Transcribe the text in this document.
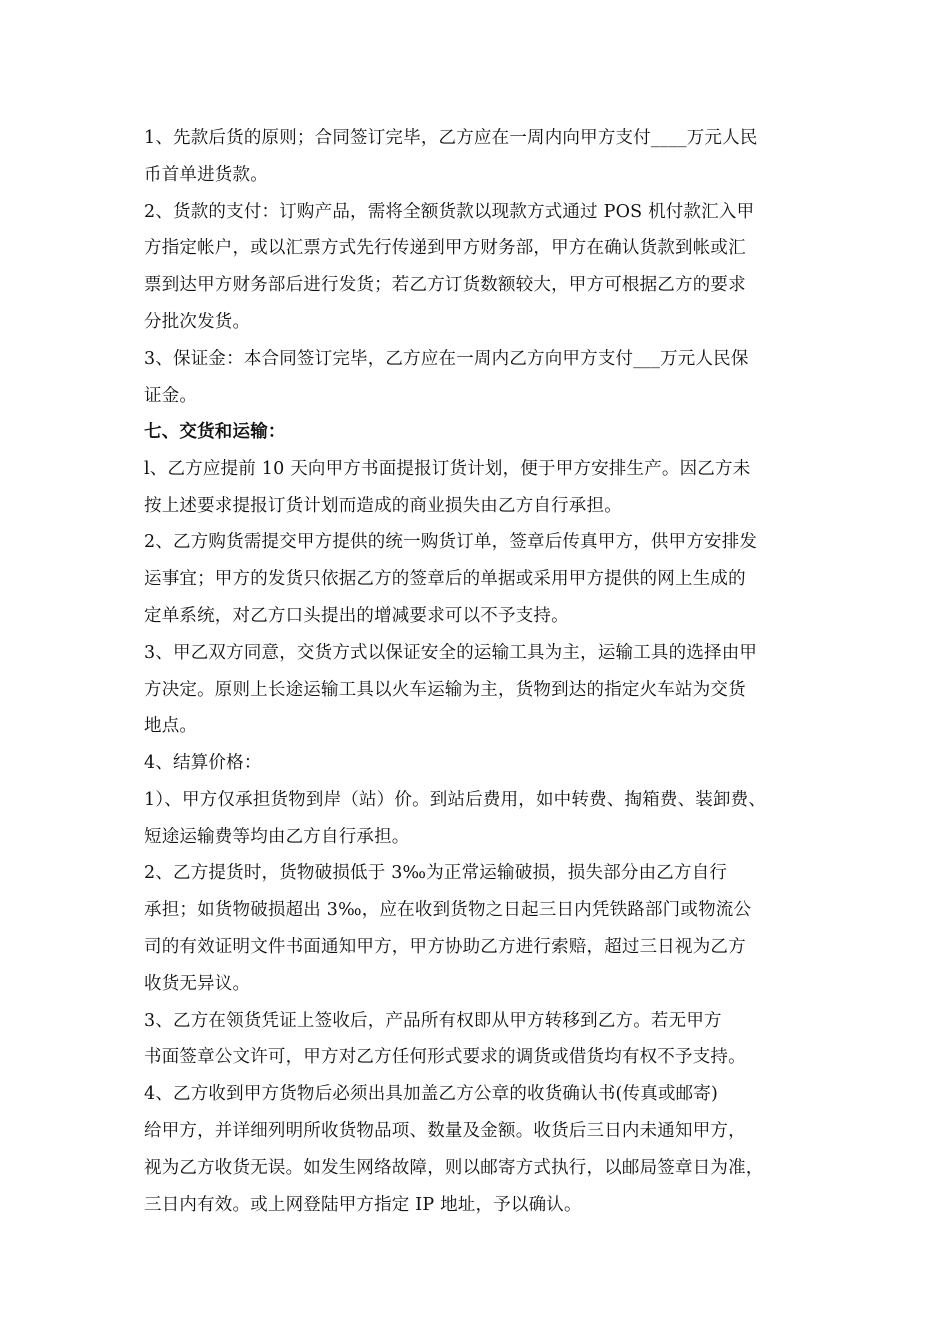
1、先款后货的原则；合同签订完毕，乙方应在一周内向甲方支付____万元人民
币首单进货款。
2、货款的支付：订购产品，需将全额货款以现款方式通过 POS 机付款汇入甲
方指定帐户，或以汇票方式先行传递到甲方财务部，甲方在确认货款到帐或汇
票到达甲方财务部后进行发货；若乙方订货数额较大，甲方可根据乙方的要求
分批次发货。
3、保证金：本合同签订完毕，乙方应在一周内乙方向甲方支付___万元人民保
证金。
七、交货和运输：
l、乙方应提前 10 天向甲方书面提报订货计划，便于甲方安排生产。因乙方未
按上述要求提报订货计划而造成的商业损失由乙方自行承担。
2、乙方购货需提交甲方提供的统一购货订单，签章后传真甲方，供甲方安排发
运事宜；甲方的发货只依据乙方的签章后的单据或采用甲方提供的网上生成的
定单系统，对乙方口头提出的增减要求可以不予支持。
3、甲乙双方同意，交货方式以保证安全的运输工具为主，运输工具的选择由甲
方决定。原则上长途运输工具以火车运输为主，货物到达的指定火车站为交货
地点。
4、结算价格：
1）、甲方仅承担货物到岸（站）价。到站后费用，如中转费、掏箱费、装卸费、
短途运输费等均由乙方自行承担。
2、乙方提货时，货物破损低于 3‰为正常运输破损，损失部分由乙方自行
承担；如货物破损超出 3‰，应在收到货物之日起三日内凭铁路部门或物流公
司的有效证明文件书面通知甲方，甲方协助乙方进行索赔，超过三日视为乙方
收货无异议。
3、乙方在领货凭证上签收后，产品所有权即从甲方转移到乙方。若无甲方
书面签章公文许可，甲方对乙方任何形式要求的调货或借货均有权不予支持。
4、乙方收到甲方货物后必须出具加盖乙方公章的收货确认书(传真或邮寄)
给甲方，并详细列明所收货物品项、数量及金额。收货后三日内未通知甲方，
视为乙方收货无误。如发生网络故障，则以邮寄方式执行，以邮局签章日为准，
三日内有效。或上网登陆甲方指定 IP 地址，予以确认。
